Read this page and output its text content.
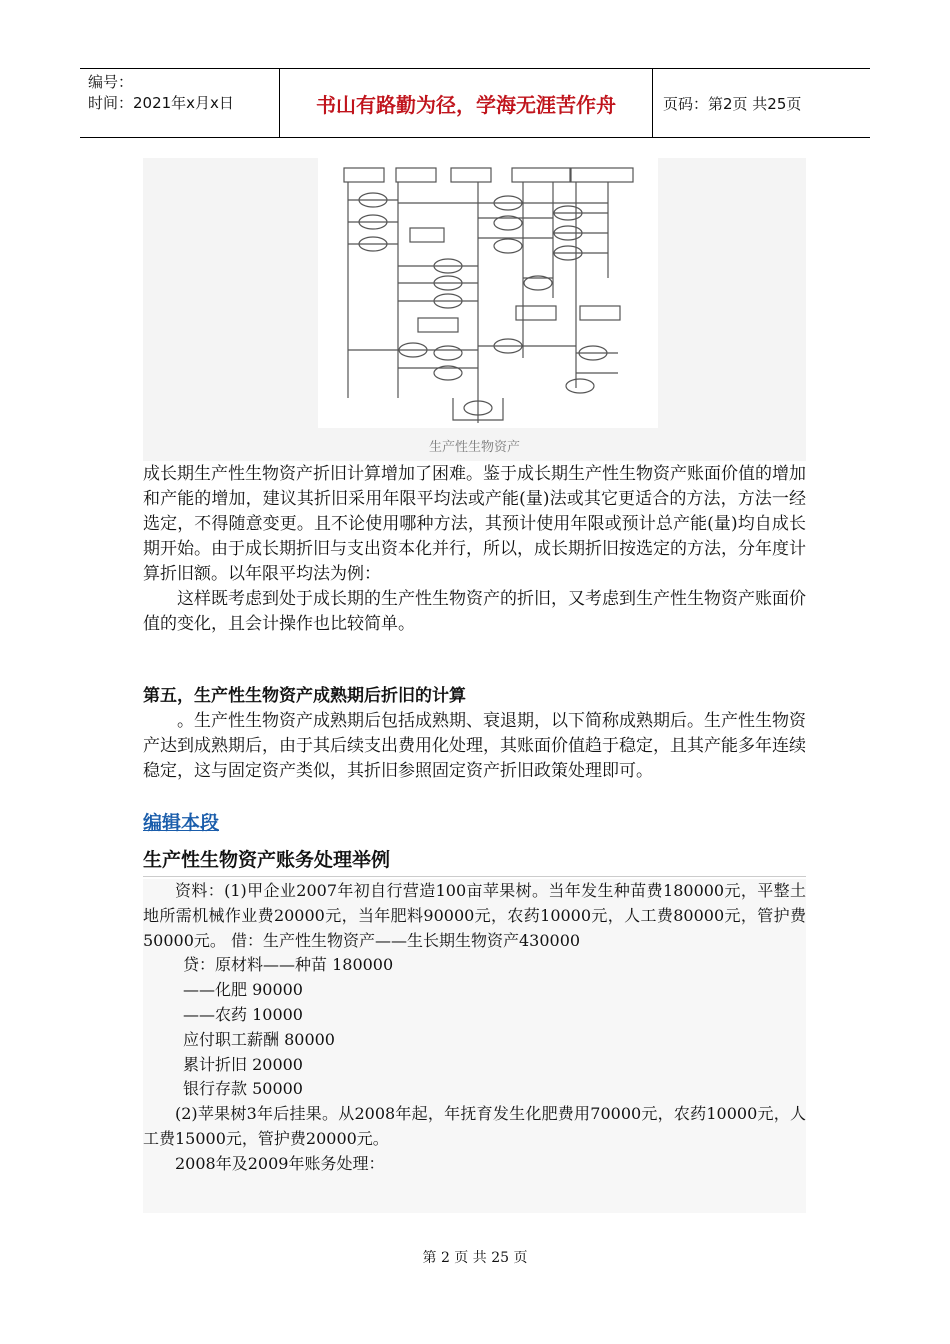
编号：
时间：2021年x月x日	书山有路勤为径，学海无涯苦作舟	页码：第2页 共25页
生产性生物资产

成长期生产性生物资产折旧计算增加了困难。鉴于成长期生产性生物资产账面价值的增加和产能的增加，建议其折旧采用年限平均法或产能(量)法或其它更适合的方法，方法一经选定，不得随意变更。且不论使用哪种方法，其预计使用年限或预计总产能(量)均自成长期开始。由于成长期折旧与支出资本化并行，所以，成长期折旧按选定的方法，分年度计算折旧额。以年限平均法为例：

这样既考虑到处于成长期的生产性生物资产的折旧，又考虑到生产性生物资产账面价值的变化，且会计操作也比较简单。

第五，生产性生物资产成熟期后折旧的计算

。生产性生物资产成熟期后包括成熟期、衰退期，以下简称成熟期后。生产性生物资产达到成熟期后，由于其后续支出费用化处理，其账面价值趋于稳定，且其产能多年连续稳定，这与固定资产类似，其折旧参照固定资产折旧政策处理即可。

编辑本段
生产性生物资产账务处理举例

资料：(1)甲企业2007年初自行营造100亩苹果树。当年发生种苗费180000元，平整土地所需机械作业费20000元，当年肥料90000元，农药10000元，人工费80000元，管护费50000元。 借：生产性生物资产——生长期生物资产430000

贷：原材料——种苗 180000

——化肥 90000

——农药 10000

应付职工薪酬 80000

累计折旧 20000

银行存款 50000

(2)苹果树3年后挂果。从2008年起，年抚育发生化肥费用70000元，农药10000元，人工费15000元，管护费20000元。

2008年及2009年账务处理：

第 2 页 共 25 页
